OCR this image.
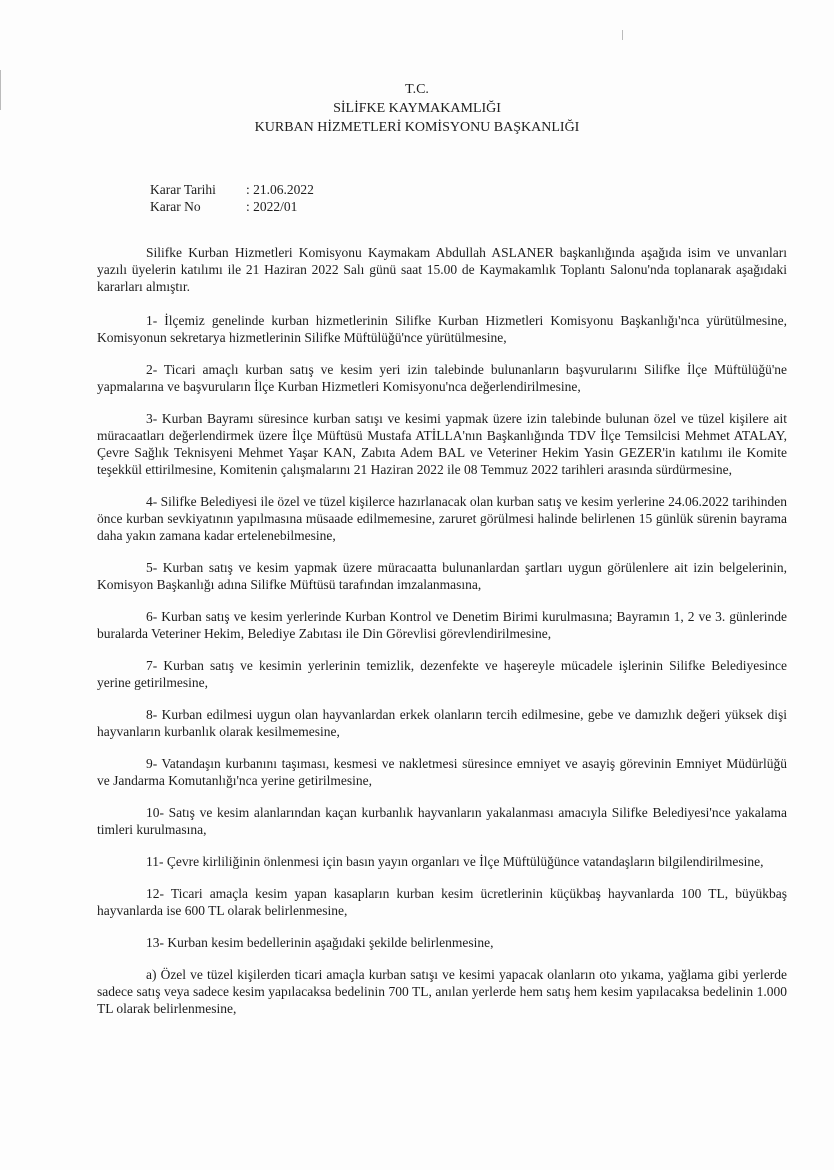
T.C.
SİLİFKE KAYMAKAMLIĞI
KURBAN HİZMETLERİ KOMİSYONU BAŞKANLIĞI
Karar Tarihi	: 21.06.2022
Karar No	: 2022/01

Silifke Kurban Hizmetleri Komisyonu Kaymakam Abdullah ASLANER başkanlığında aşağıda isim ve unvanları yazılı üyelerin katılımı ile 21 Haziran 2022 Salı günü saat 15.00 de Kaymakamlık Toplantı Salonu'nda toplanarak aşağıdaki kararları almıştır.

1- İlçemiz genelinde kurban hizmetlerinin Silifke Kurban Hizmetleri Komisyonu Başkanlığı'nca yürütülmesine, Komisyonun sekretarya hizmetlerinin Silifke Müftülüğü'nce yürütülmesine,

2- Ticari amaçlı kurban satış ve kesim yeri izin talebinde bulunanların başvurularını Silifke İlçe Müftülüğü'ne yapmalarına ve başvuruların İlçe Kurban Hizmetleri Komisyonu'nca değerlendirilmesine,

3- Kurban Bayramı süresince kurban satışı ve kesimi yapmak üzere izin talebinde bulunan özel ve tüzel kişilere ait müracaatları değerlendirmek üzere İlçe Müftüsü Mustafa ATİLLA'nın Başkanlığında TDV İlçe Temsilcisi Mehmet ATALAY, Çevre Sağlık Teknisyeni Mehmet Yaşar KAN, Zabıta Adem BAL ve Veteriner Hekim Yasin GEZER'in katılımı ile Komite teşekkül ettirilmesine, Komitenin çalışmalarını 21 Haziran 2022 ile 08 Temmuz 2022 tarihleri arasında sürdürmesine,

4- Silifke Belediyesi ile özel ve tüzel kişilerce hazırlanacak olan kurban satış ve kesim yerlerine 24.06.2022 tarihinden önce kurban sevkiyatının yapılmasına müsaade edilmemesine, zaruret görülmesi halinde belirlenen 15 günlük sürenin bayrama daha yakın zamana kadar ertelenebilmesine,

5- Kurban satış ve kesim yapmak üzere müracaatta bulunanlardan şartları uygun görülenlere ait izin belgelerinin, Komisyon Başkanlığı adına Silifke Müftüsü tarafından imzalanmasına,

6- Kurban satış ve kesim yerlerinde Kurban Kontrol ve Denetim Birimi kurulmasına; Bayramın 1, 2 ve 3. günlerinde buralarda Veteriner Hekim, Belediye Zabıtası ile Din Görevlisi görevlendirilmesine,

7- Kurban satış ve kesimin yerlerinin temizlik, dezenfekte ve haşereyle mücadele işlerinin Silifke Belediyesince yerine getirilmesine,

8- Kurban edilmesi uygun olan hayvanlardan erkek olanların tercih edilmesine, gebe ve damızlık değeri yüksek dişi hayvanların kurbanlık olarak kesilmemesine,

9- Vatandaşın kurbanını taşıması, kesmesi ve nakletmesi süresince emniyet ve asayiş görevinin Emniyet Müdürlüğü ve Jandarma Komutanlığı'nca yerine getirilmesine,

10- Satış ve kesim alanlarından kaçan kurbanlık hayvanların yakalanması amacıyla Silifke Belediyesi'nce yakalama timleri kurulmasına,

11- Çevre kirliliğinin önlenmesi için basın yayın organları ve İlçe Müftülüğünce vatandaşların bilgilendirilmesine,

12- Ticari amaçla kesim yapan kasapların kurban kesim ücretlerinin küçükbaş hayvanlarda 100 TL, büyükbaş hayvanlarda ise 600 TL olarak belirlenmesine,

13- Kurban kesim bedellerinin aşağıdaki şekilde belirlenmesine,

a) Özel ve tüzel kişilerden ticari amaçla kurban satışı ve kesimi yapacak olanların oto yıkama, yağlama gibi yerlerde sadece satış veya sadece kesim yapılacaksa bedelinin 700 TL, anılan yerlerde hem satış hem kesim yapılacaksa bedelinin 1.000 TL olarak belirlenmesine,
